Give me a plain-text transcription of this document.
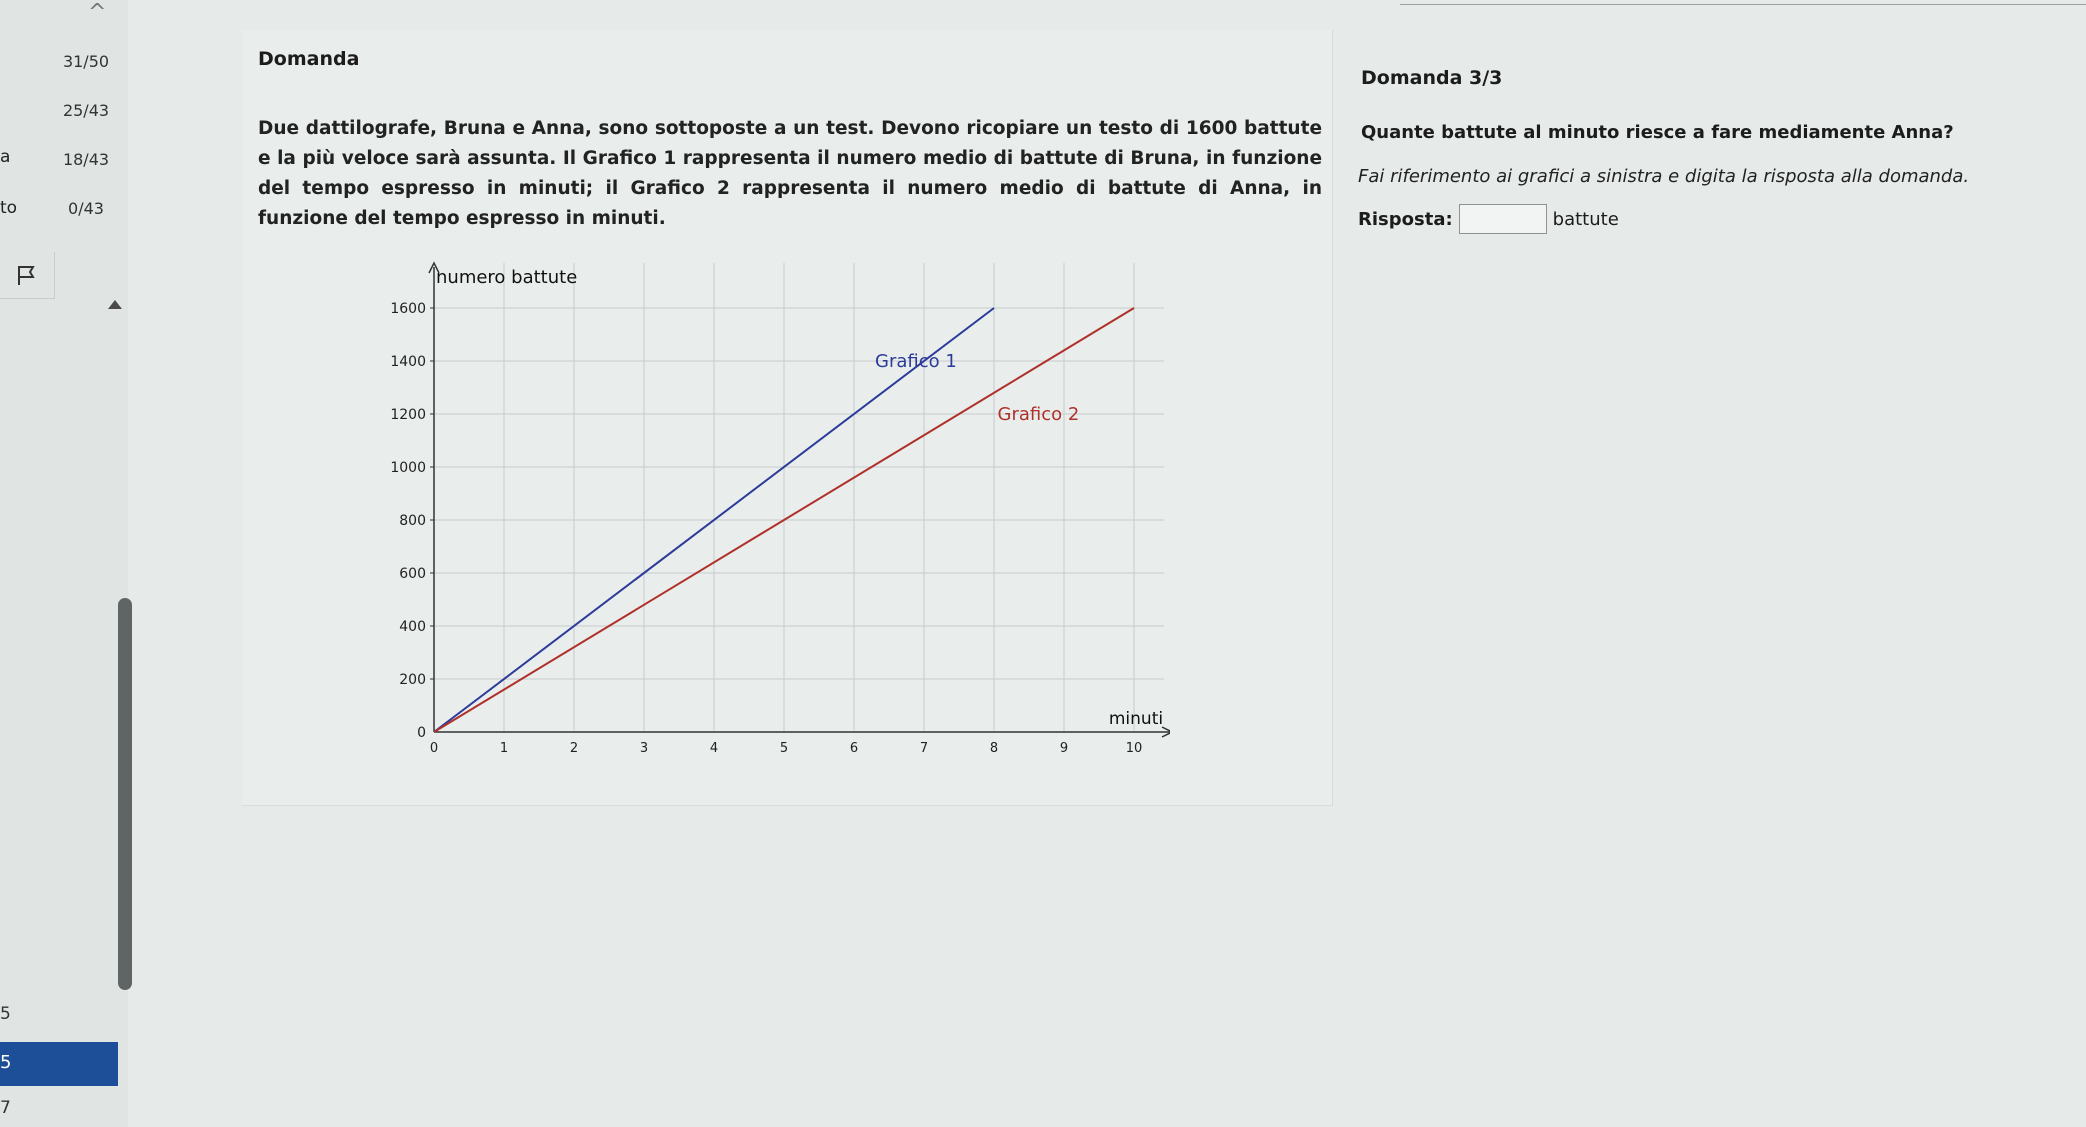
^
a
to
31/50
25/43
18/43
0/43
5
5
7
Domanda
Due dattilografe, Bruna e Anna, sono sottoposte a un test. Devono ricopiare un testo di 1600 battute e la più veloce sarà assunta. Il Grafico 1 rappresenta il numero medio di battute di Bruna, in funzione del tempo espresso in minuti; il Grafico 2 rappresenta il numero medio di battute di Anna, in funzione del tempo espresso in minuti.
0	1	2	3	4	5	6	7	8	9	10
0
200
400
600
800
1000
1200
1400
1600
numero battute
minuti
Grafico 1
Grafico 2
Domanda 3/3
Quante battute al minuto riesce a fare mediamente Anna?
Fai riferimento ai grafici a sinistra e digita la risposta alla domanda.
Risposta:	battute
